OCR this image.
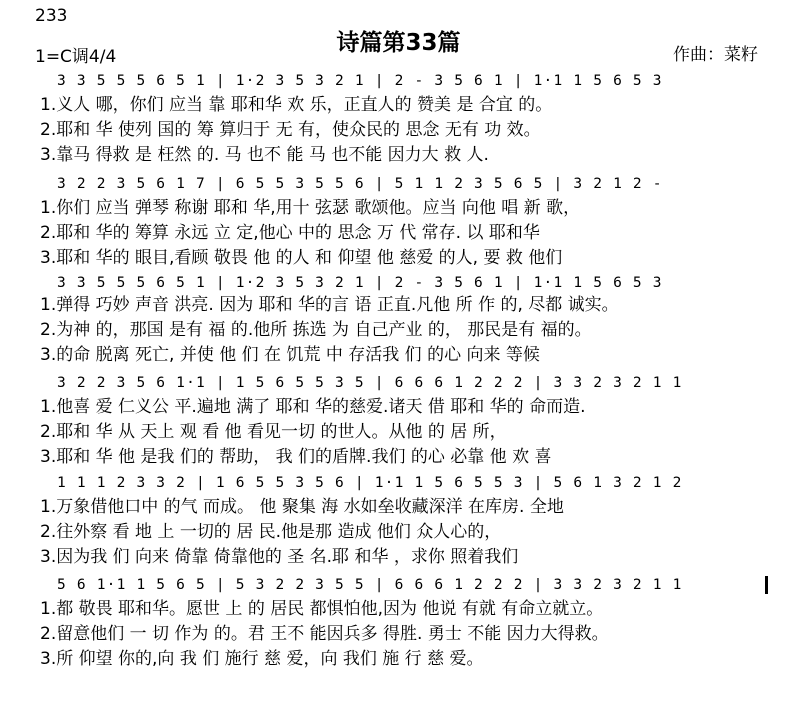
233
诗篇第33篇
1=C调4/4	作曲：菜籽
3 3 5 5 5 6 5 1 | 1·2 3 5 3 2 1 | 2 - 3 5 6 1 | 1·1 1 5 6 5 3
1.义人 哪，你们 应当 靠 耶和华 欢 乐，正直人的 赞美 是 合宜 的。
2.耶和 华 使列 国的 筹 算归于 无 有，使众民的 思念 无有 功 效。
3.靠马 得救 是 枉然 的. 马 也不 能 马 也不能 因力大 救 人.
3 2 2 3 5 6 1 7 | 6 5 5 3 5 5 6 | 5 1 1 2 3 5 6 5 | 3 2 1 2 -
1.你们 应当 弹琴 称谢 耶和 华,用十 弦瑟 歌颂他。应当 向他 唱 新 歌，
2.耶和 华的 筹算 永远 立 定,他心 中的 思念 万 代 常存. 以 耶和华
3.耶和 华的 眼目,看顾 敬畏 他 的人 和 仰望 他 慈爱 的人, 要 救 他们
3 3 5 5 5 6 5 1 | 1·2 3 5 3 2 1 | 2 - 3 5 6 1 | 1·1 1 5 6 5 3
1.弹得 巧妙 声音 洪亮. 因为 耶和 华的言 语 正直.凡他 所 作 的, 尽都 诚实。
2.为神 的，那国 是有 福 的.他所 拣选 为 自己产业 的， 那民是有 福的。
3.的命 脱离 死亡, 并使 他 们 在 饥荒 中 存活我 们 的心 向来 等候
3 2 2 3 5 6 1·1 | 1 5 6 5 5 3 5 | 6 6 6 1 2 2 2 | 3 3 2 3 2 1 1
1.他喜 爱 仁义公 平.遍地 满了 耶和 华的慈爱.诸天 借 耶和 华的 命而造.
2.耶和 华 从 天上 观 看 他 看见一切 的世人。从他 的 居 所，
3.耶和 华 他 是我 们的 帮助， 我 们的盾牌.我们 的心 必靠 他 欢 喜
1 1 1 2 3 3 2 | 1 6 5 5 3 5 6 | 1·1 1 5 6 5 5 3 | 5 6 1 3 2 1 2
1.万象借他口中 的气 而成。 他 聚集 海 水如垒收藏深洋 在库房. 全地
2.往外察 看 地 上 一切的 居 民.他是那 造成 他们 众人心的，
3.因为我 们 向来 倚靠 倚靠他的 圣 名.耶 和华 ，求你 照着我们
5 6 1·1 1 5 6 5 | 5 3 2 2 3 5 5 | 6 6 6 1 2 2 2 | 3 3 2 3 2 1 1
1.都 敬畏 耶和华。愿世 上 的 居民 都惧怕他,因为 他说 有就 有命立就立。
2.留意他们 一 切 作为 的。君 王不 能因兵多 得胜. 勇士 不能 因力大得救。
3.所 仰望 你的,向 我 们 施行 慈 爱，向 我们 施 行 慈 爱。
